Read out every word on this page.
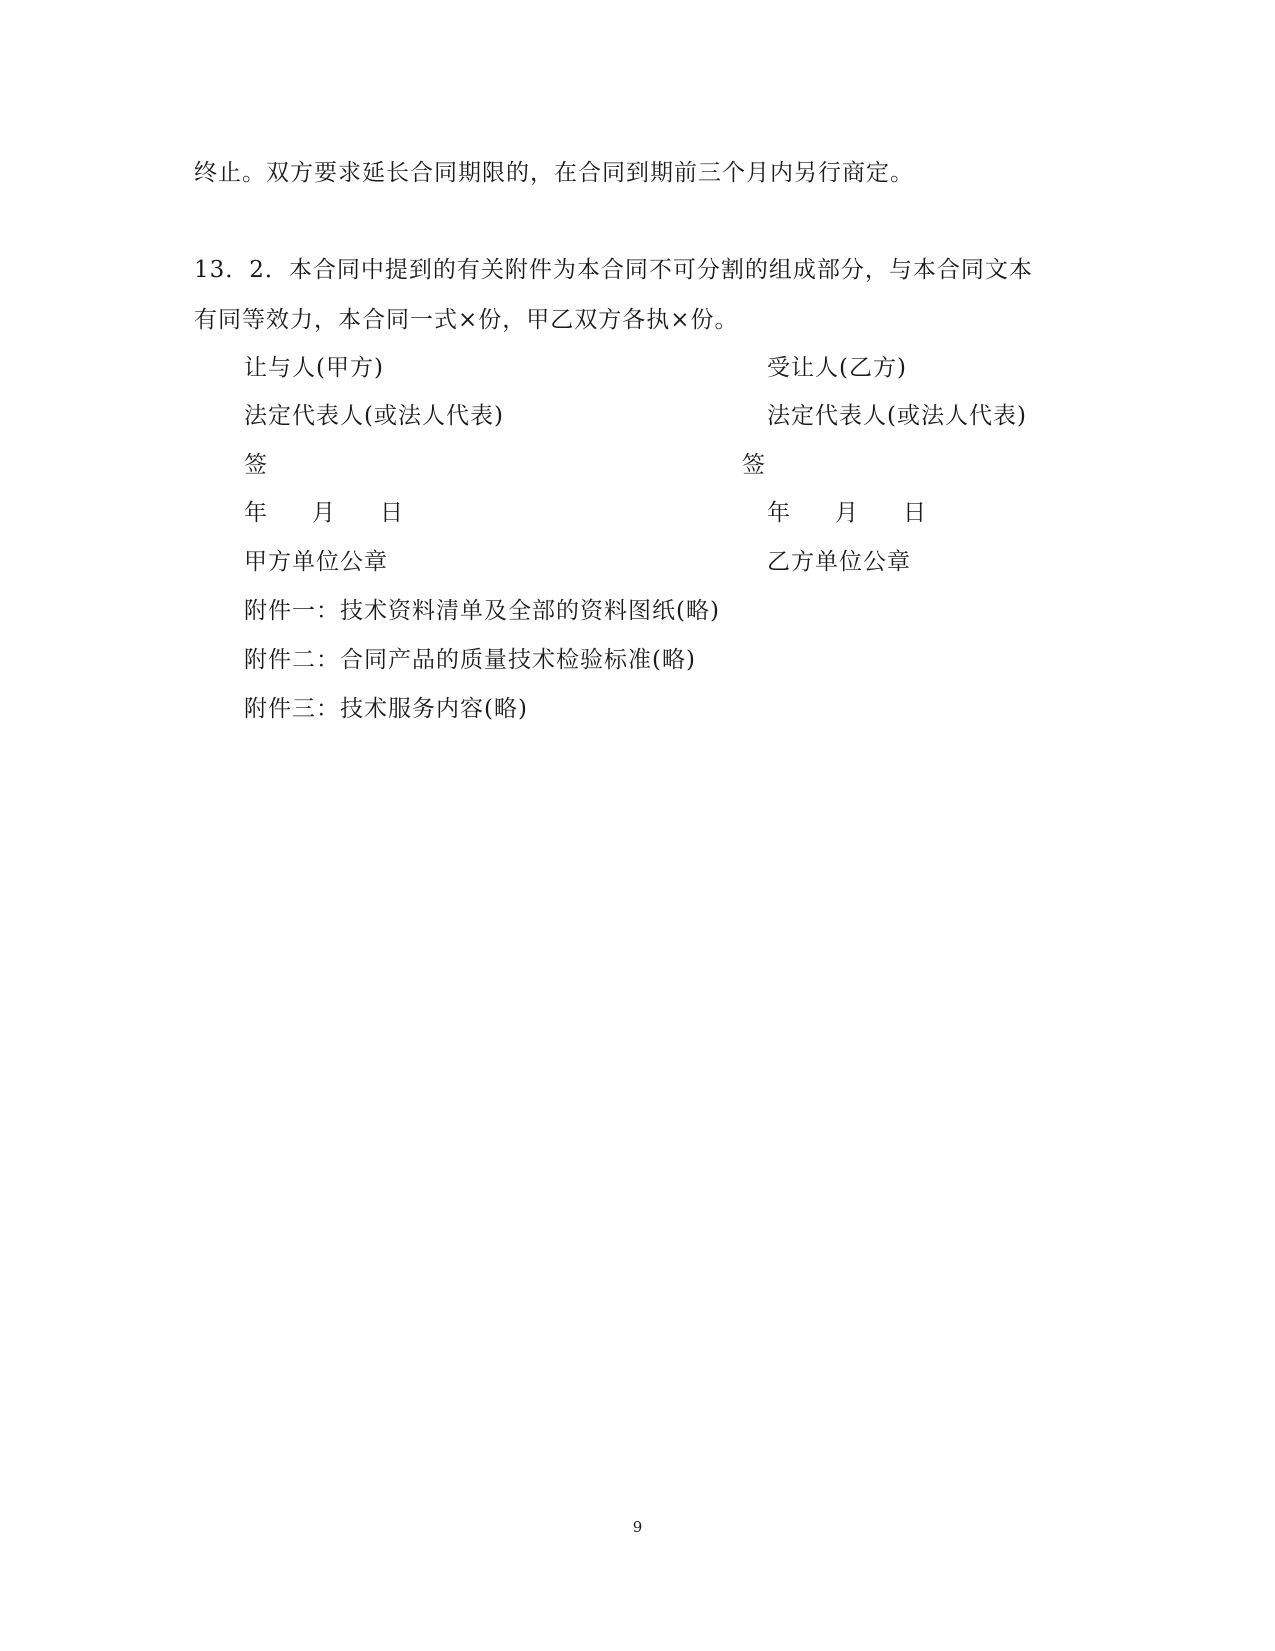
终止。双方要求延长合同期限的，在合同到期前三个月内另行商定。
13．2．本合同中提到的有关附件为本合同不可分割的组成部分，与本合同文本
有同等效力，本合同一式×份，甲乙双方各执×份。
让与人(甲方)
法定代表人(或法人代表)
签
年 月 日
甲方单位公章
受让人(乙方)
法定代表人(或法人代表)
签
年 月 日
乙方单位公章
附件一：技术资料清单及全部的资料图纸(略)
附件二：合同产品的质量技术检验标准(略)
附件三：技术服务内容(略)
9
